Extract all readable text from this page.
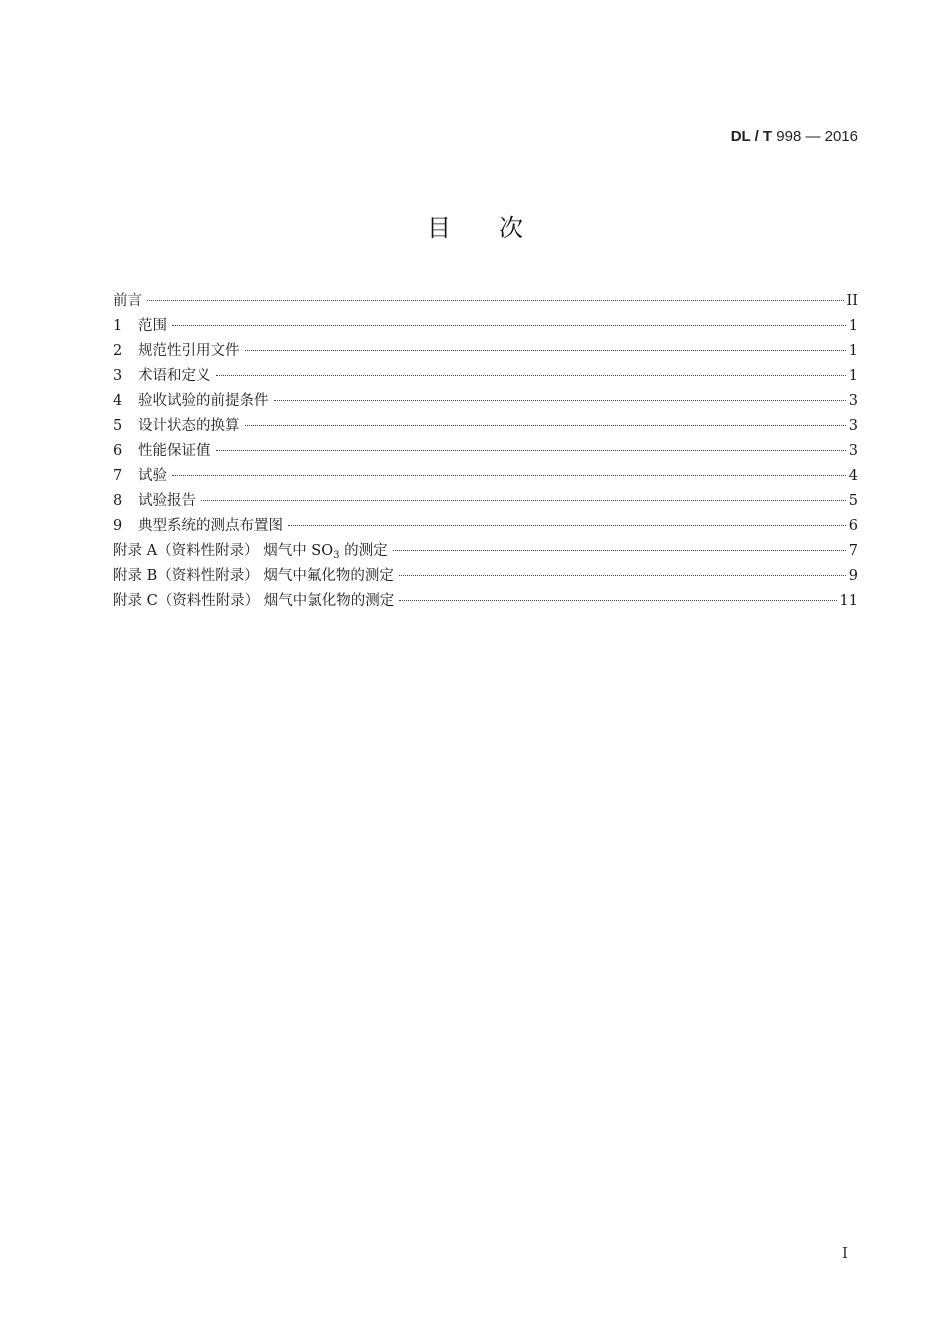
DL / T 998 — 2016
目次
前言	II
1 范围	1
2 规范性引用文件	1
3 术语和定义	1
4 验收试验的前提条件	3
5 设计状态的换算	3
6 性能保证值	3
7 试验	4
8 试验报告	5
9 典型系统的测点布置图	6
附录 A（资料性附录） 烟气中 $SO_3$ 的测定	7
附录 B（资料性附录） 烟气中氟化物的测定	9
附录 C（资料性附录） 烟气中氯化物的测定	11
I
